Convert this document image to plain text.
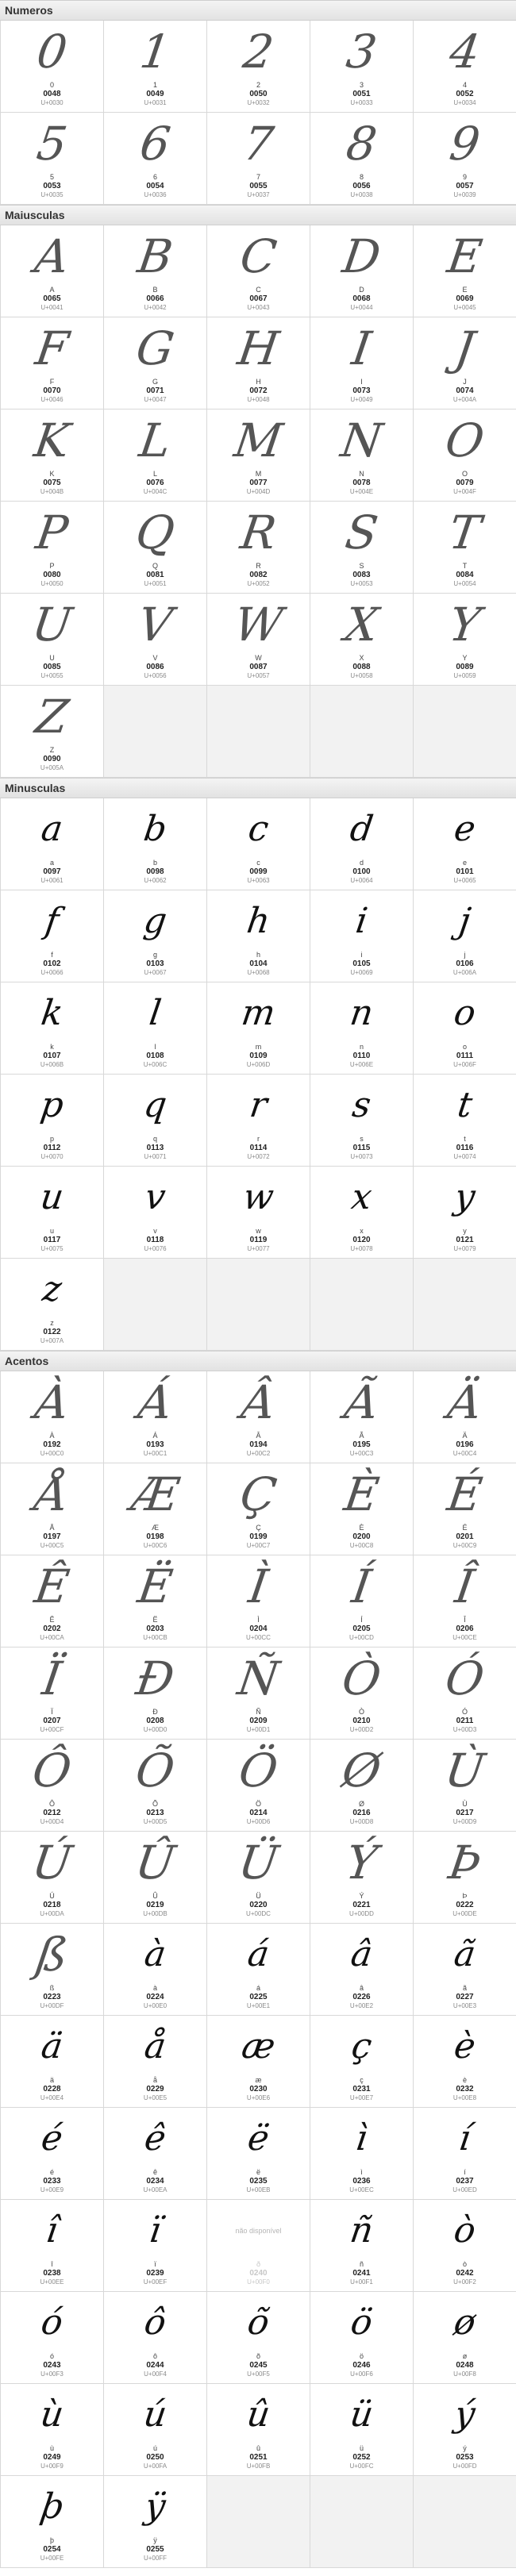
Numeros
0
0
0048
U+0030
1
1
0049
U+0031
2
2
0050
U+0032
3
3
0051
U+0033
4
4
0052
U+0034
5
5
0053
U+0035
6
6
0054
U+0036
7
7
0055
U+0037
8
8
0056
U+0038
9
9
0057
U+0039
Maiusculas
A
A
0065
U+0041
B
B
0066
U+0042
C
C
0067
U+0043
D
D
0068
U+0044
E
E
0069
U+0045
F
F
0070
U+0046
G
G
0071
U+0047
H
H
0072
U+0048
I
I
0073
U+0049
J
J
0074
U+004A
K
K
0075
U+004B
L
L
0076
U+004C
M
M
0077
U+004D
N
N
0078
U+004E
O
O
0079
U+004F
P
P
0080
U+0050
Q
Q
0081
U+0051
R
R
0082
U+0052
S
S
0083
U+0053
T
T
0084
U+0054
U
U
0085
U+0055
V
V
0086
U+0056
W
W
0087
U+0057
X
X
0088
U+0058
Y
Y
0089
U+0059
Z
Z
0090
U+005A
Minusculas
a
a
0097
U+0061
b
b
0098
U+0062
c
c
0099
U+0063
d
d
0100
U+0064
e
e
0101
U+0065
f
f
0102
U+0066
g
g
0103
U+0067
h
h
0104
U+0068
i
i
0105
U+0069
j
j
0106
U+006A
k
k
0107
U+006B
l
l
0108
U+006C
m
m
0109
U+006D
n
n
0110
U+006E
o
o
0111
U+006F
p
p
0112
U+0070
q
q
0113
U+0071
r
r
0114
U+0072
s
s
0115
U+0073
t
t
0116
U+0074
u
u
0117
U+0075
v
v
0118
U+0076
w
w
0119
U+0077
x
x
0120
U+0078
y
y
0121
U+0079
z
z
0122
U+007A
Acentos
À
À
0192
U+00C0
Á
Á
0193
U+00C1
Â
Â
0194
U+00C2
Ã
Ã
0195
U+00C3
Ä
Ä
0196
U+00C4
Å
Å
0197
U+00C5
Æ
Æ
0198
U+00C6
Ç
Ç
0199
U+00C7
È
È
0200
U+00C8
É
É
0201
U+00C9
Ê
Ê
0202
U+00CA
Ë
Ë
0203
U+00CB
Ì
Ì
0204
U+00CC
Í
Í
0205
U+00CD
Î
Î
0206
U+00CE
Ï
Ï
0207
U+00CF
Ð
Ð
0208
U+00D0
Ñ
Ñ
0209
U+00D1
Ò
Ò
0210
U+00D2
Ó
Ó
0211
U+00D3
Ô
Ô
0212
U+00D4
Õ
Õ
0213
U+00D5
Ö
Ö
0214
U+00D6
Ø
Ø
0216
U+00D8
Ù
Ù
0217
U+00D9
Ú
Ú
0218
U+00DA
Û
Û
0219
U+00DB
Ü
Ü
0220
U+00DC
Ý
Ý
0221
U+00DD
Þ
Þ
0222
U+00DE
ß
ß
0223
U+00DF
à
à
0224
U+00E0
á
á
0225
U+00E1
â
â
0226
U+00E2
ã
ã
0227
U+00E3
ä
ä
0228
U+00E4
å
å
0229
U+00E5
æ
æ
0230
U+00E6
ç
ç
0231
U+00E7
è
è
0232
U+00E8
é
é
0233
U+00E9
ê
ê
0234
U+00EA
ë
ë
0235
U+00EB
ì
ì
0236
U+00EC
í
í
0237
U+00ED
î
î
0238
U+00EE
ï
ï
0239
U+00EF
não disponível
ð
0240
U+00F0
ñ
ñ
0241
U+00F1
ò
ò
0242
U+00F2
ó
ó
0243
U+00F3
ô
ô
0244
U+00F4
õ
õ
0245
U+00F5
ö
ö
0246
U+00F6
ø
ø
0248
U+00F8
ù
ù
0249
U+00F9
ú
ú
0250
U+00FA
û
û
0251
U+00FB
ü
ü
0252
U+00FC
ý
ý
0253
U+00FD
þ
þ
0254
U+00FE
ÿ
ÿ
0255
U+00FF
